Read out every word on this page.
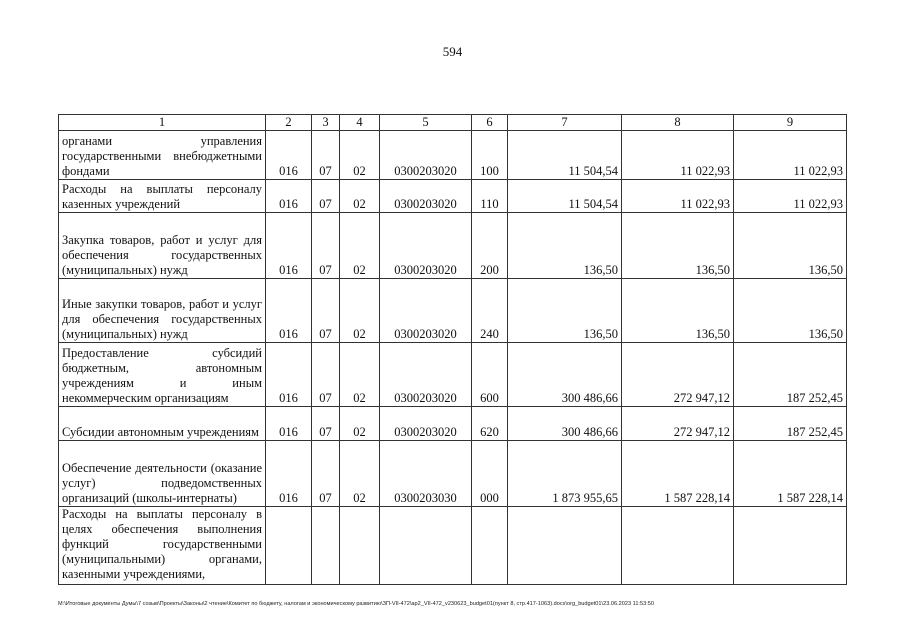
594
1	2	3	4	5	6	7	8	9
органами управления государственными внебюджетными фондами	016	07	02	0300203020	100	11 504,54	11 022,93	11 022,93
Расходы на выплаты персоналу казенных учреждений	016	07	02	0300203020	110	11 504,54	11 022,93	11 022,93
Закупка товаров, работ и услуг для обеспечения государственных (муниципальных) нужд	016	07	02	0300203020	200	136,50	136,50	136,50
Иные закупки товаров, работ и услуг для обеспечения государственных (муниципальных) нужд	016	07	02	0300203020	240	136,50	136,50	136,50
Предоставление субсидий бюджетным, автономным учреждениям и иным некоммерческим организациям	016	07	02	0300203020	600	300 486,66	272 947,12	187 252,45
Субсидии автономным учреждениям	016	07	02	0300203020	620	300 486,66	272 947,12	187 252,45
Обеспечение деятельности (оказание услуг) подведомственных организаций (школы-интернаты)	016	07	02	0300203030	000	1 873 955,65	1 587 228,14	1 587 228,14
Расходы на выплаты персоналу в целях обеспечения выполнения функций государственными (муниципальными) органами, казенными учреждениями,								
М:\Итоговые документы Думы\7 созыв\Проекты\Законы\2 чтение\Комитет по бюджету, налогам и экономическому развитию\ЗП-VII-472\ap2_VII-472_v230623_budget01(пункт 8, стр.417-1063).docx\org_budget01\23.06.2023 11:53:50
